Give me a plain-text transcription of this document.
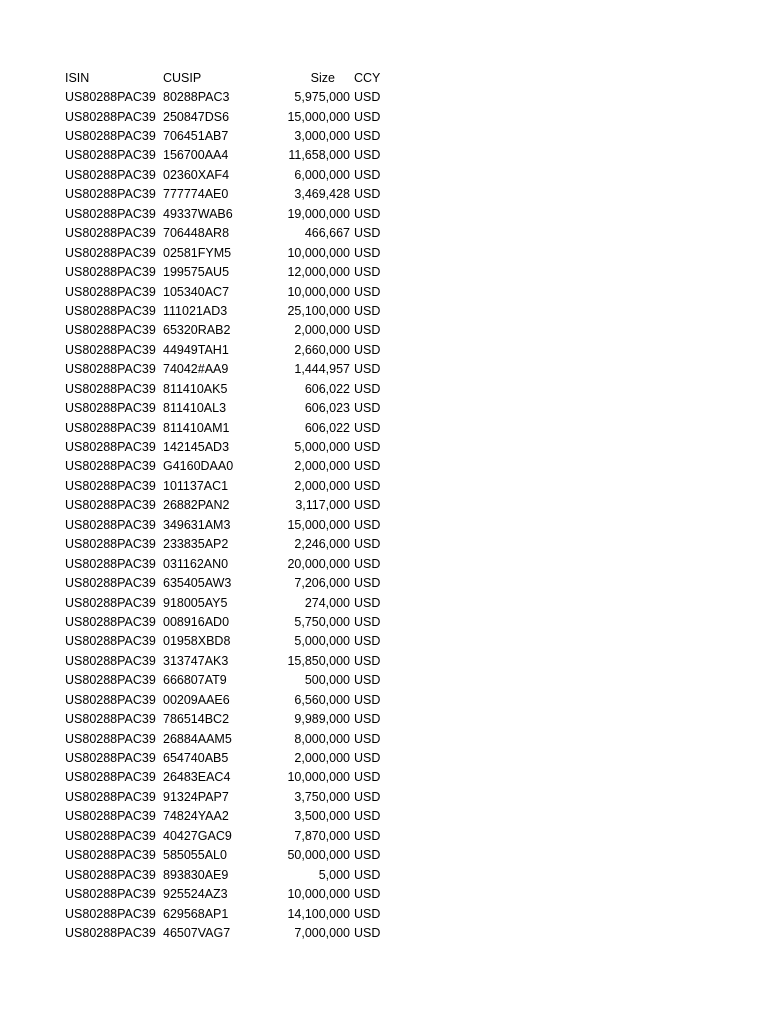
ISIN	CUSIP	Size	CCY
US80288PAC39 80288PAC3	5,975,000 USD
US80288PAC39 250847DS6	15,000,000 USD
US80288PAC39 706451AB7	3,000,000 USD
US80288PAC39 156700AA4	11,658,000 USD
US80288PAC39 02360XAF4	6,000,000 USD
US80288PAC39 777774AE0	3,469,428 USD
US80288PAC39 49337WAB6	19,000,000 USD
US80288PAC39 706448AR8	466,667 USD
US80288PAC39 02581FYM5	10,000,000 USD
US80288PAC39 199575AU5	12,000,000 USD
US80288PAC39 105340AC7	10,000,000 USD
US80288PAC39 111021AD3	25,100,000 USD
US80288PAC39 65320RAB2	2,000,000 USD
US80288PAC39 44949TAH1	2,660,000 USD
US80288PAC39 74042#AA9	1,444,957 USD
US80288PAC39 811410AK5	606,022 USD
US80288PAC39 811410AL3	606,023 USD
US80288PAC39 811410AM1	606,022 USD
US80288PAC39 142145AD3	5,000,000 USD
US80288PAC39 G4160DAA0	2,000,000 USD
US80288PAC39 101137AC1	2,000,000 USD
US80288PAC39 26882PAN2	3,117,000 USD
US80288PAC39 349631AM3	15,000,000 USD
US80288PAC39 233835AP2	2,246,000 USD
US80288PAC39 031162AN0	20,000,000 USD
US80288PAC39 635405AW3	7,206,000 USD
US80288PAC39 918005AY5	274,000 USD
US80288PAC39 008916AD0	5,750,000 USD
US80288PAC39 01958XBD8	5,000,000 USD
US80288PAC39 313747AK3	15,850,000 USD
US80288PAC39 666807AT9	500,000 USD
US80288PAC39 00209AAE6	6,560,000 USD
US80288PAC39 786514BC2	9,989,000 USD
US80288PAC39 26884AAM5	8,000,000 USD
US80288PAC39 654740AB5	2,000,000 USD
US80288PAC39 26483EAC4	10,000,000 USD
US80288PAC39 91324PAP7	3,750,000 USD
US80288PAC39 74824YAA2	3,500,000 USD
US80288PAC39 40427GAC9	7,870,000 USD
US80288PAC39 585055AL0	50,000,000 USD
US80288PAC39 893830AE9	5,000 USD
US80288PAC39 925524AZ3	10,000,000 USD
US80288PAC39 629568AP1	14,100,000 USD
US80288PAC39 46507VAG7	7,000,000 USD
